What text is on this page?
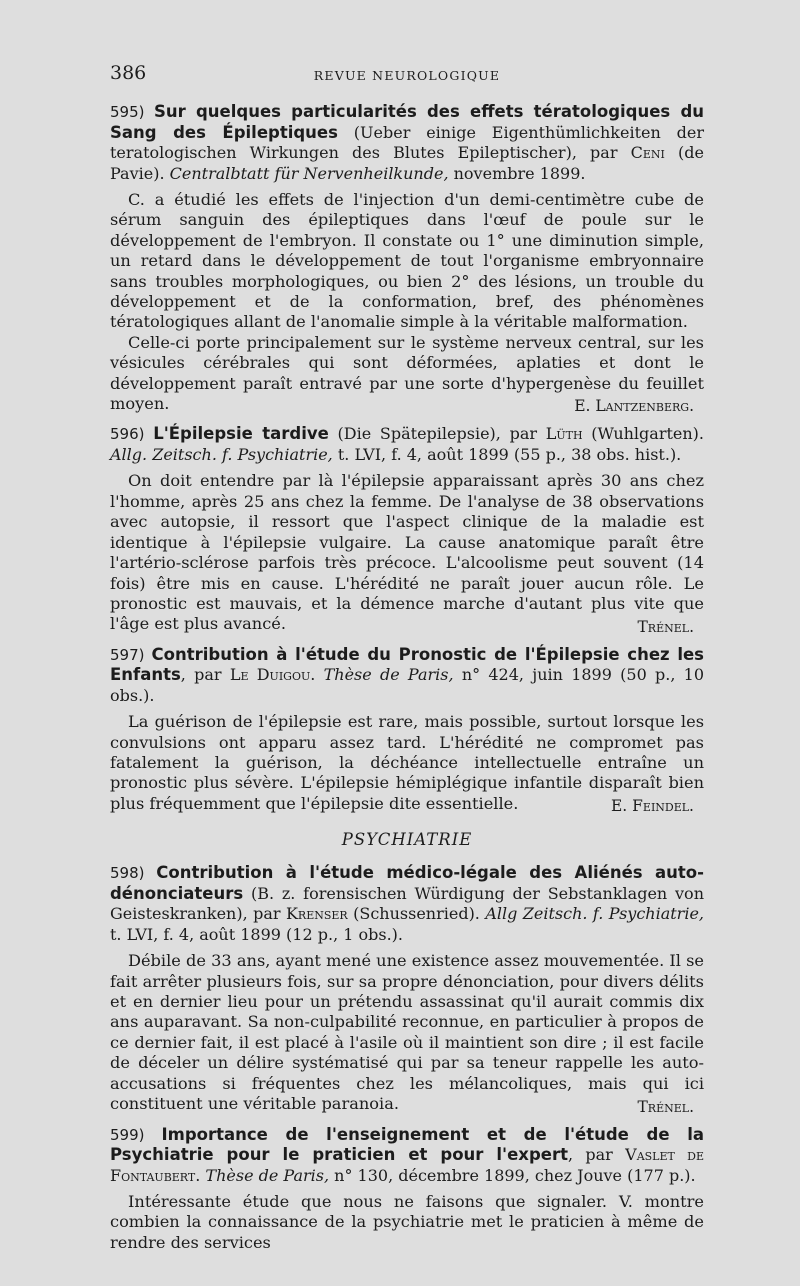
386	REVUE NEUROLOGIQUE

595) Sur quelques particularités des effets tératologiques du Sang des Épileptiques (Ueber einige Eigenthümlichkeiten der teratologischen Wirkungen des Blutes Epileptischer), par Ceni (de Pavie). Centralbtatt für Nervenheilkunde, novembre 1899.

C. a étudié les effets de l'injection d'un demi-centimètre cube de sérum sanguin des épileptiques dans l'œuf de poule sur le développement de l'embryon. Il constate ou 1° une diminution simple, un retard dans le développement de tout l'organisme embryonnaire sans troubles morphologiques, ou bien 2° des lésions, un trouble du développement et de la conformation, bref, des phénomènes tératologiques allant de l'anomalie simple à la véritable malformation.

Celle-ci porte principalement sur le système nerveux central, sur les vésicules cérébrales qui sont déformées, aplaties et dont le développement paraît entravé par une sorte d'hypergenèse du feuillet moyen.	E. Lantzenberg.

596) L'Épilepsie tardive (Die Spätepilepsie), par Lüth (Wuhlgarten). Allg. Zeitsch. f. Psychiatrie, t. LVI, f. 4, août 1899 (55 p., 38 obs. hist.).

On doit entendre par là l'épilepsie apparaissant après 30 ans chez l'homme, après 25 ans chez la femme. De l'analyse de 38 observations avec autopsie, il ressort que l'aspect clinique de la maladie est identique à l'épilepsie vulgaire. La cause anatomique paraît être l'artério-sclérose parfois très précoce. L'alcoolisme peut souvent (14 fois) être mis en cause. L'hérédité ne paraît jouer aucun rôle. Le pronostic est mauvais, et la démence marche d'autant plus vite que l'âge est plus avancé.	Trénel.

597) Contribution à l'étude du Pronostic de l'Épilepsie chez les Enfants, par Le Duigou. Thèse de Paris, n° 424, juin 1899 (50 p., 10 obs.).

La guérison de l'épilepsie est rare, mais possible, surtout lorsque les convulsions ont apparu assez tard. L'hérédité ne compromet pas fatalement la guérison, la déchéance intellectuelle entraîne un pronostic plus sévère. L'épilepsie hémiplégique infantile disparaît bien plus fréquemment que l'épilepsie dite essentielle.	E. Feindel.
PSYCHIATRIE

598) Contribution à l'étude médico-légale des Aliénés auto-dénonciateurs (B. z. forensischen Würdigung der Sebstanklagen von Geisteskranken), par Krenser (Schussenried). Allg Zeitsch. f. Psychiatrie, t. LVI, f. 4, août 1899 (12 p., 1 obs.).

Débile de 33 ans, ayant mené une existence assez mouvementée. Il se fait arrêter plusieurs fois, sur sa propre dénonciation, pour divers délits et en dernier lieu pour un prétendu assassinat qu'il aurait commis dix ans auparavant. Sa non-culpabilité reconnue, en particulier à propos de ce dernier fait, il est placé à l'asile où il maintient son dire ; il est facile de déceler un délire systématisé qui par sa teneur rappelle les auto-accusations si fréquentes chez les mélancoliques, mais qui ici constituent une véritable paranoia.	Trénel.

599) Importance de l'enseignement et de l'étude de la Psychiatrie pour le praticien et pour l'expert, par Vaslet de Fontaubert. Thèse de Paris, n° 130, décembre 1899, chez Jouve (177 p.).

Intéressante étude que nous ne faisons que signaler. V. montre combien la connaissance de la psychiatrie met le praticien à même de rendre des services
